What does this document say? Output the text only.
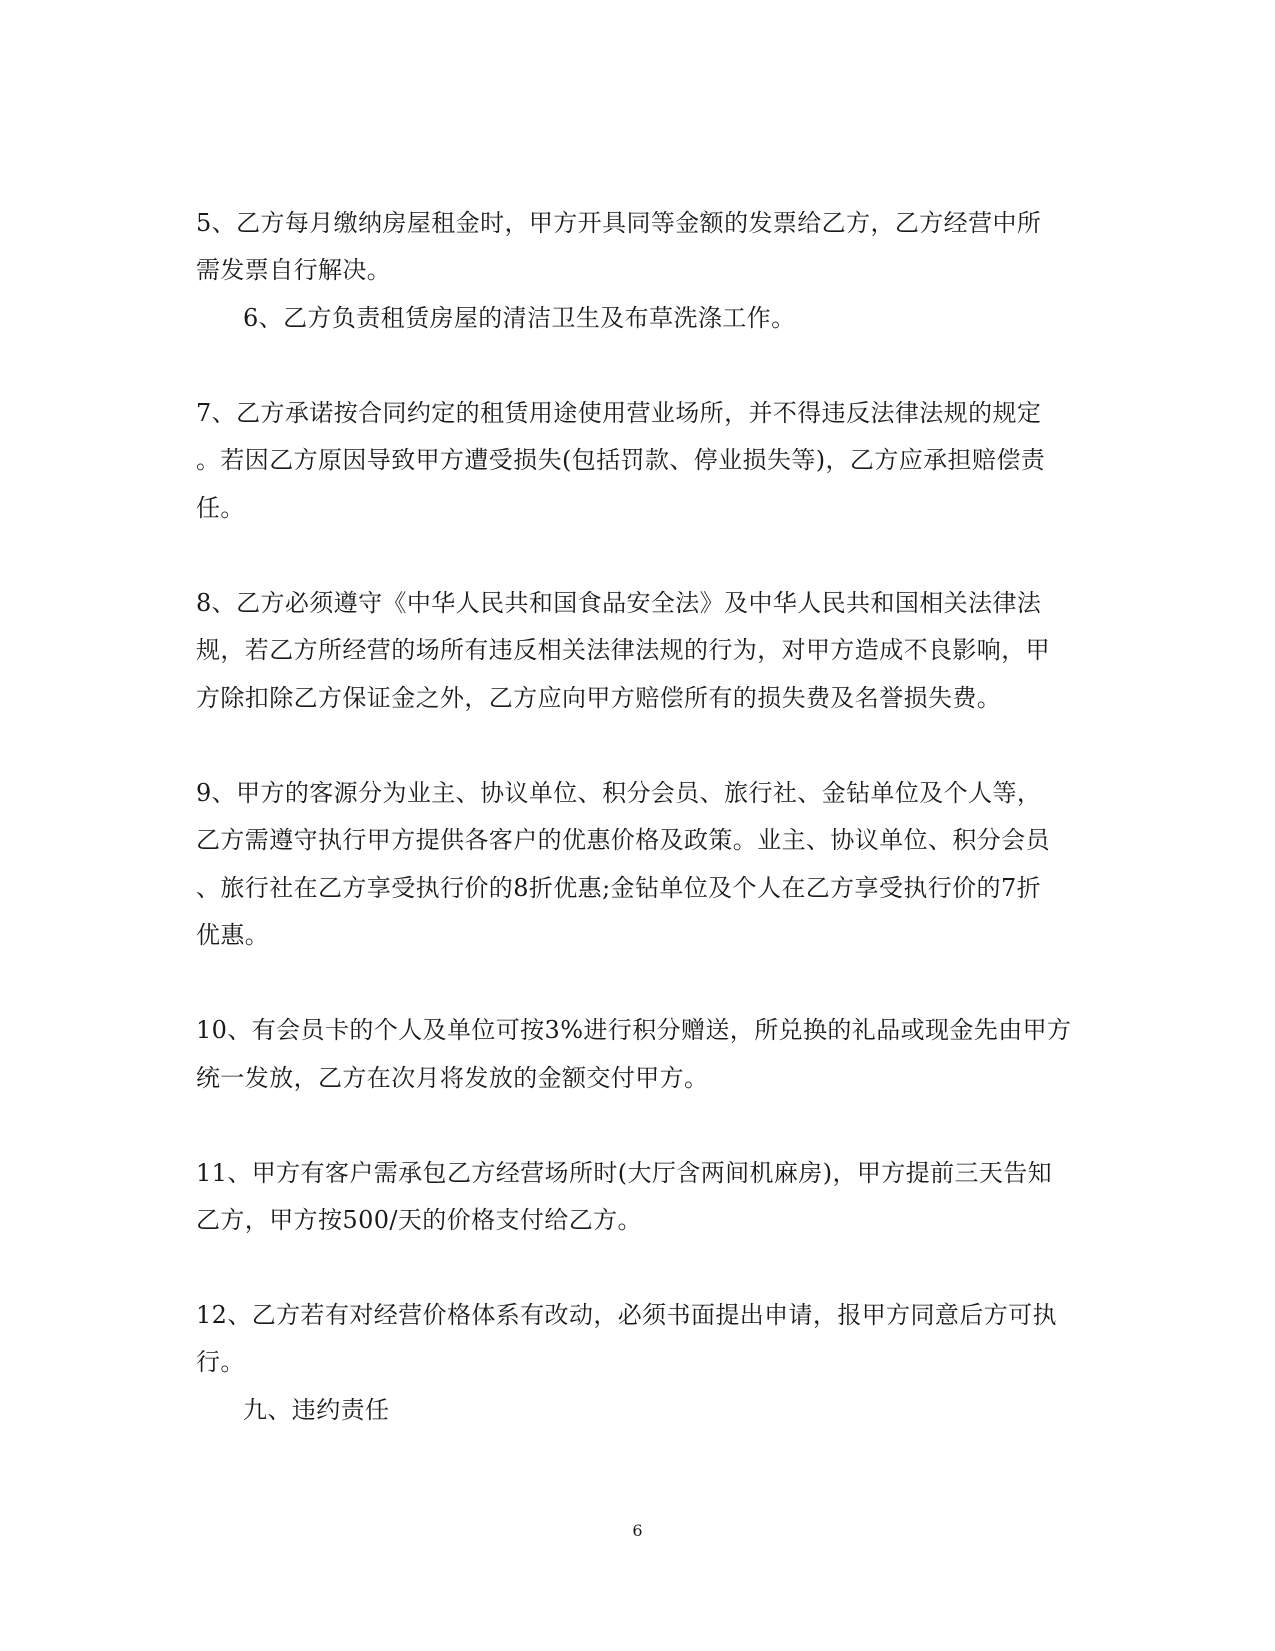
5、乙方每月缴纳房屋租金时，甲方开具同等金额的发票给乙方，乙方经营中所
需发票自行解决。
6、乙方负责租赁房屋的清洁卫生及布草洗涤工作。
7、乙方承诺按合同约定的租赁用途使用营业场所，并不得违反法律法规的规定
。若因乙方原因导致甲方遭受损失(包括罚款、停业损失等)，乙方应承担赔偿责
任。
8、乙方必须遵守《中华人民共和国食品安全法》及中华人民共和国相关法律法
规，若乙方所经营的场所有违反相关法律法规的行为，对甲方造成不良影响，甲
方除扣除乙方保证金之外，乙方应向甲方赔偿所有的损失费及名誉损失费。
9、甲方的客源分为业主、协议单位、积分会员、旅行社、金钻单位及个人等，
乙方需遵守执行甲方提供各客户的优惠价格及政策。业主、协议单位、积分会员
、旅行社在乙方享受执行价的8折优惠;金钻单位及个人在乙方享受执行价的7折
优惠。
10、有会员卡的个人及单位可按3%进行积分赠送，所兑换的礼品或现金先由甲方
统一发放，乙方在次月将发放的金额交付甲方。
11、甲方有客户需承包乙方经营场所时(大厅含两间机麻房)，甲方提前三天告知
乙方，甲方按500/天的价格支付给乙方。
12、乙方若有对经营价格体系有改动，必须书面提出申请，报甲方同意后方可执
行。
九、违约责任
6
